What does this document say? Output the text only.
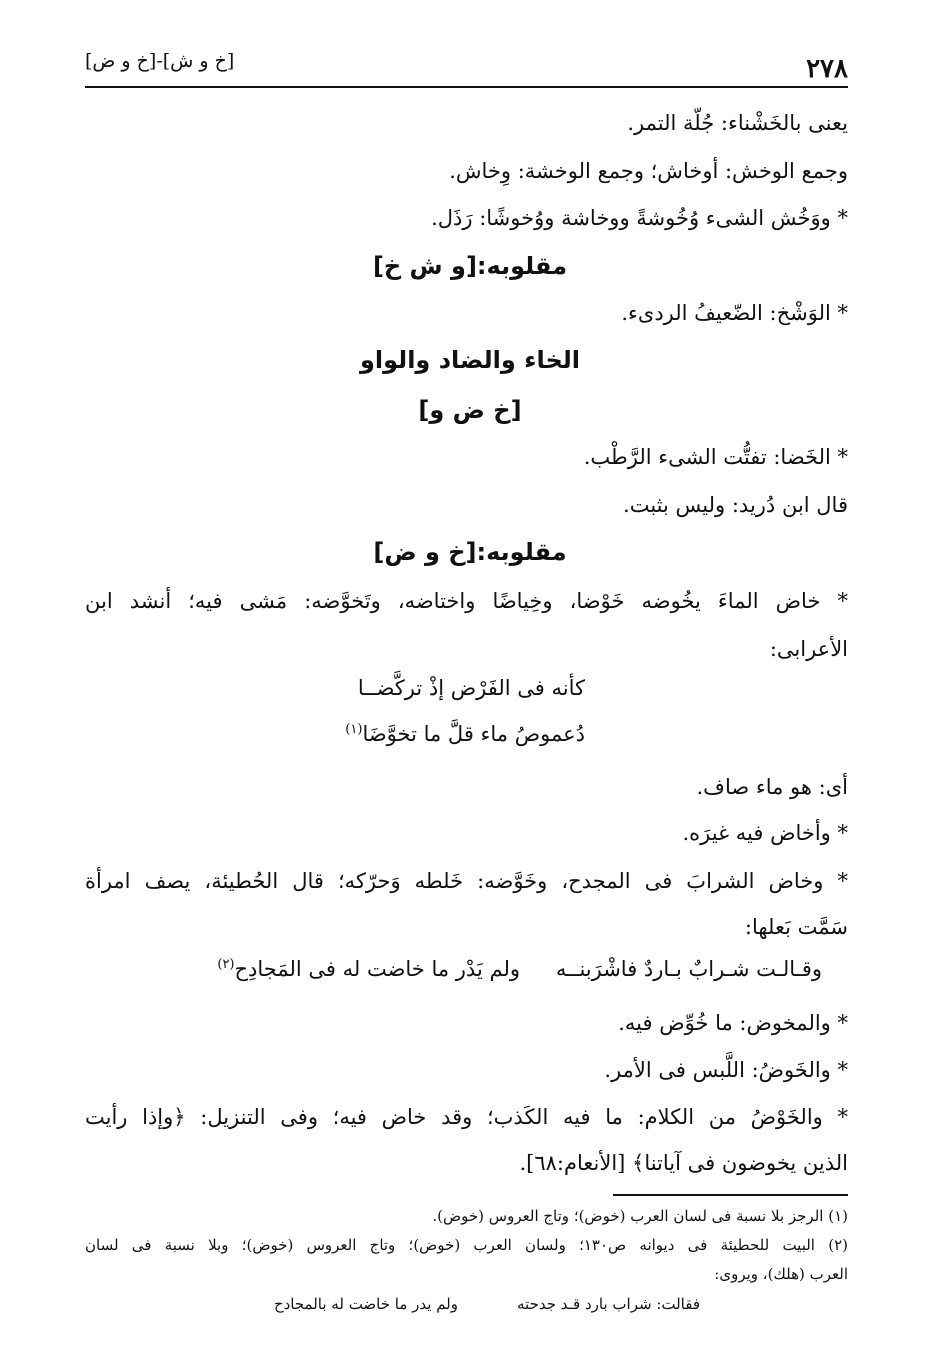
٢٧٨
[خ و ش]-[خ و ض]
يعنى بالخَشْناء: جُلّة التمر.
وجمع الوخش: أوخاش؛ وجمع الوخشة: وِخاش.
* ووَخُش الشىء وُخُوشةً ووخاشة ووُخوشًا: رَذَل.
مقلوبه:[و ش خ]
* الوَشْخ: الضّعيفُ الردىء.
الخاء والضاد والواو
[خ ض و]
* الخَضا: تفتُّت الشىء الرَّطْب.
قال ابن دُريد: وليس بثبت.
مقلوبه:[خ و ض]
* خاض الماءَ يخُوضه خَوْضا، وخِياضًا واختاضه، وتَخوَّضه: مَشى فيه؛ أنشد ابن
الأعرابى:
كأنه فى الفَرْض إذْ تركَّضــا
دُعموصُ ماء قلَّ ما تخوَّضَا$^{(١)}$
أى: هو ماء صاف.
* وأخاض فيه غيرَه.
* وخاض الشرابَ فى المجدح، وخَوَّضه: خَلطه وَحرّكه؛ قال الحُطيئة، يصف امرأة
سَمَّت بَعلها:
وقـالـت شـرابٌ بـاردٌ فاشْرَبنــه
ولم يَدْر ما خاضت له فى المَجادِح$^{(٢)}$
* والمخوض: ما خُوِّض فيه.
* والخَوضُ: اللَّبس فى الأمر.
* والخَوْضُ من الكلام: ما فيه الكَذب؛ وقد خاض فيه؛ وفى التنزيل: ﴿وإذا رأيت
الذين يخوضون فى آياتنا﴾ [الأنعام:٦٨].
(١) الرجز بلا نسبة فى لسان العرب (خوض)؛ وتاج العروس (خوض).
(٢) البيت للحطيئة فى ديوانه ص١٣٠؛ ولسان العرب (خوض)؛ وتاج العروس (خوض)؛ وبلا نسبة فى لسان
العرب (هلك)، ويروى:
فقالت: شراب بارد قـد جدحته
ولم يدر ما خاضت له بالمجادح
